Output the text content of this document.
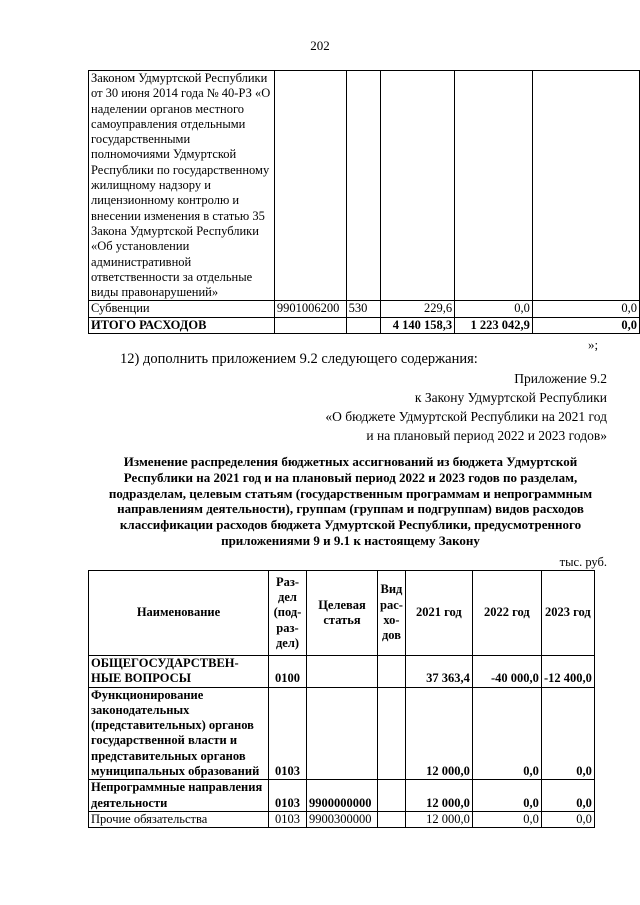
202
Законом Удмуртской Республики от 30 июня 2014 года № 40-РЗ «О наделении органов местного самоуправления отдельными государственными полномочиями Удмуртской Республики по государственному жилищному надзору и лицензионному контролю и внесении изменения в статью 35 Закона Удмуртской Республики «Об установлении административной ответственности за отдельные виды правонарушений»					
Субвенции	9901006200	530	229,6	0,0	0,0
ИТОГО РАСХОДОВ			4 140 158,3	1 223 042,9	0,0
»;
12) дополнить приложением 9.2 следующего содержания:
Приложение 9.2
к Закону Удмуртской Республики
«О бюджете Удмуртской Республики на 2021 год
и на плановый период 2022 и 2023 годов»
Изменение распределения бюджетных ассигнований из бюджета Удмуртской Республики на 2021 год и на плановый период 2022 и 2023 годов по разделам, подразделам, целевым статьям (государственным программам и непрограммным направлениям деятельности), группам (группам и подгруппам) видов расходов классификации расходов бюджета Удмуртской Республики, предусмотренного приложениями 9 и 9.1 к настоящему Закону
тыс. руб.
Наименование	Раз-дел (под-раз-дел)	Целевая статья	Вид рас-хо-дов	2021 год	2022 год	2023 год
ОБЩЕГОСУДАРСТВЕН-НЫЕ ВОПРОСЫ	0100			37 363,4	-40 000,0	-12 400,0
Функционирование законодательных (представительных) органов государственной власти и представительных органов муниципальных образований	0103			12 000,0	0,0	0,0
Непрограммные направления деятельности	0103	9900000000		12 000,0	0,0	0,0
Прочие обязательства	0103	9900300000		12 000,0	0,0	0,0
